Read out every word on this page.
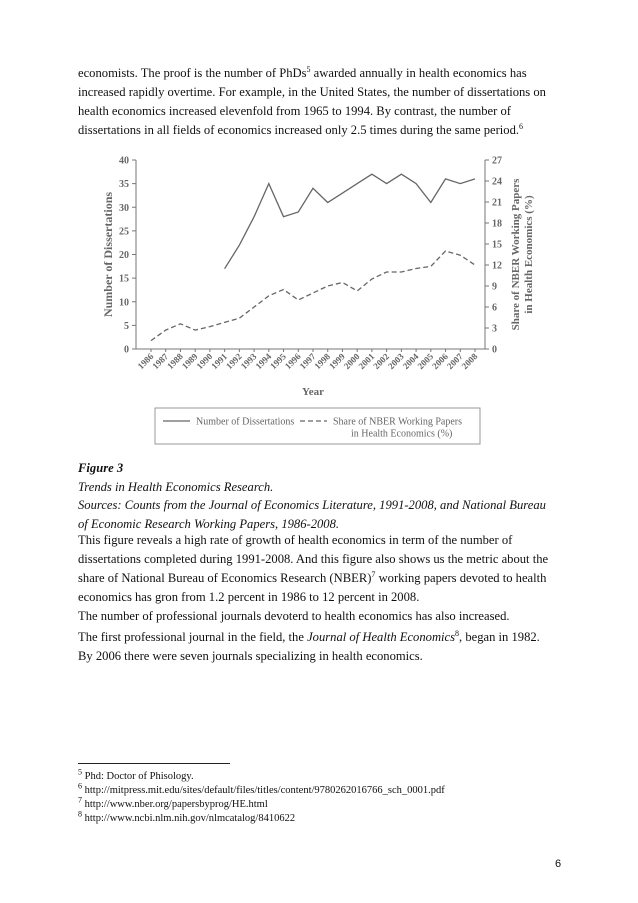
economists. The proof is the number of PhDs$^5$ awarded annually in health economics has

increased rapidly overtime. For example, in the United States, the number of dissertations on

health economics increased elevenfold from 1965 to 1994. By contrast, the number of

dissertations in all fields of economics increased only 2.5 times during the same period.$^6$

0
5
10
15
20
25
30
35
40
0
3
6
9
12
15
18
21
24
27
1986
1987
1988
1989
1990
1991
1992
1993
1994
1995
1996
1997
1998
1999
2000
2001
2002
2003
2004
2005
2006
2007
2008
Year
Number of Dissertations	Share of NBER Working Papersin Health Economics (%)
Number of Dissertations	Share of NBER Working Papers in Health Economics (%)
Figure 3
Trends in Health Economics Research.
Sources: Counts from the Journal of Economics Literature, 1991-2008, and National Bureau
of Economic Research Working Papers, 1986-2008.

This figure reveals a high rate of growth of health economics in term of the number of

dissertations completed during 1991-2008. And this figure also shows us the metric about the

share of National Bureau of Economics Research (NBER)$^7$ working papers devoted to health

economics has gron from 1.2 percent in 1986 to 12 percent in 2008.

The number of professional journals devoterd to health economics has also increased.

The first professional journal in the field, the Journal of Health Economics$^8$, began in 1982.

By 2006 there were seven journals specializing in health economics.

$^5$ Phd: Doctor of Phisology.

$^6$ http://mitpress.mit.edu/sites/default/files/titles/content/9780262016766_sch_0001.pdf

$^7$ http://www.nber.org/papersbyprog/HE.html

$^8$ http://www.ncbi.nlm.nih.gov/nlmcatalog/8410622

6
